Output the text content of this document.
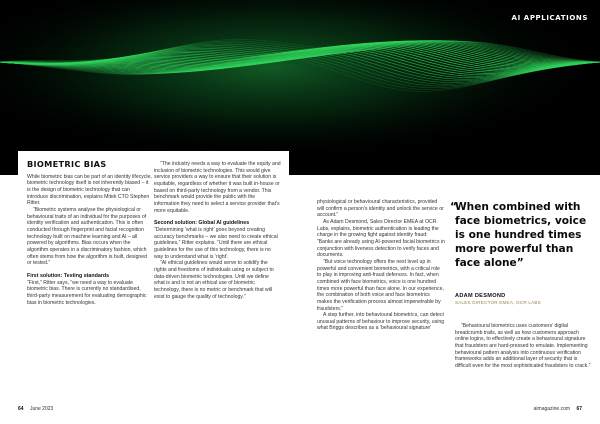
AI APPLICATIONS
BIOMETRIC BIAS

While biometric bias can be part of an identity lifecycle, biometric technology itself is not inherently biased – it is the design of biometric technology that can introduce discrimination, explains Mitek CTO Stephen Ritter.

“Biometric systems analyse the physiological or behavioural traits of an individual for the purposes of identity verification and authentication. This is often conducted through fingerprint and facial recognition technology built on machine learning and AI – all powered by algorithms. Bias occurs when the algorithm operates in a discriminatory fashion, which often stems from how the algorithm is built, designed or tested.”

First solution: Testing standards

“First,” Ritter says, “we need a way to evaluate biometric bias. There is currently no standardised, third-party measurement for evaluating demographic bias in biometric technologies.

“The industry needs a way to evaluate the equity and inclusion of biometric technologies. This would give service providers a way to ensure that their solution is equitable, regardless of whether it was built in-house or based on third-party technology from a vendor. This benchmark would provide the public with the information they need to select a service provider that’s more equitable.

Second solution: Global AI guidelines

“Determining ‘what is right’ goes beyond creating accuracy benchmarks – we also need to create ethical guidelines,” Ritter explains. “Until there are ethical guidelines for the use of this technology, there is no way to understand what is ‘right’.

“AI ethical guidelines would serve to solidify the rights and freedoms of individuals using or subject to data-driven biometric technologies. Until we define what is and is not an ethical use of biometric technology, there is no metric or benchmark that will exist to gauge the quality of technology.”

physiological or behavioural characteristics, provided will confirm a person’s identity and unlock the service or account.”

As Adam Desmond, Sales Director EMEA at OCR Labs, explains, biometric authentication is leading the charge in the growing fight against identity fraud: “Banks are already using AI-powered facial biometrics in conjunction with liveness detection to verify faces and documents.

“But voice technology offers the next level up in powerful and convenient biometrics, with a critical role to play in improving anti-fraud defences. In fact, when combined with face biometrics, voice is one hundred times more powerful than face alone. In our experience, the combination of both voice and face biometrics makes the verification process almost impenetrable by fraudsters.”

A step further, into behavioural biometrics, can detect unusual patterns of behaviour to improve security, using what Briggs describes as a ‘behavioural signature’

“
When combined with face biometrics, voice is one hundred times more powerful than face alone”
ADAM DESMOND
SALES DIRECTOR EMEA, OCR LABS

“Behavioural biometrics uses customers’ digital breadcrumb trails, as well as how customers approach online logins, to effectively create a behavioural signature that fraudsters are hard-pressed to emulate. Implementing behavioural pattern analysis into continuous verification frameworks adds an additional layer of security that is difficult even for the most sophisticated fraudsters to crack.”

64 June 2023	aimagazine.com 67
